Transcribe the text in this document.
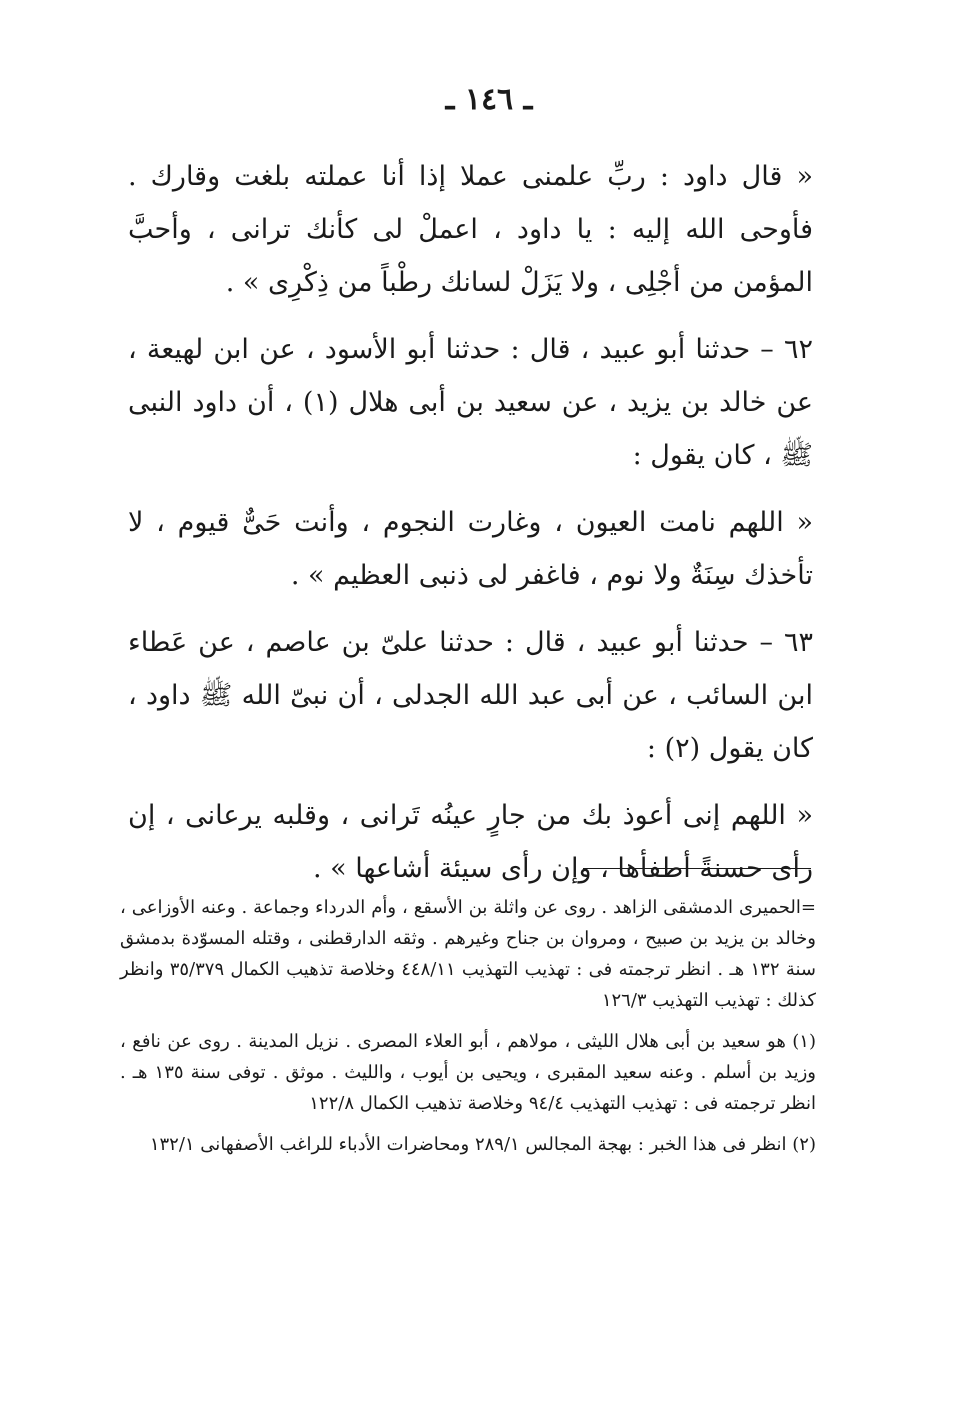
ـ ١٤٦ ـ

« قال داود : ربِّ علمنى عملا إذا أنا عملته بلغت وقارك . فأوحى الله إليه : يا داود ، اعملْ لى كأنك ترانى ، وأحبَّ المؤمن من أجْلِى ، ولا يَزَلْ لسانك رطْباً من ذِكْرِى » .

٦٢ – حدثنا أبو عبيد ، قال : حدثنا أبو الأسود ، عن ابن لهيعة ، عن خالد بن يزيد ، عن سعيد بن أبى هلال (١) ، أن داود النبى ﷺ ، كان يقول :

« اللهم نامت العيون ، وغارت النجوم ، وأنت حَىٌّ قيوم ، لا تأخذك سِنَةٌ ولا نوم ، فاغفر لى ذنبى العظيم » .

٦٣ – حدثنا أبو عبيد ، قال : حدثنا علىّ بن عاصم ، عن عَطاء ابن السائب ، عن أبى عبد الله الجدلى ، أن نبىّ الله ﷺ داود ، كان يقول (٢) :

« اللهم إنى أعوذ بك من جارٍ عينُه تَرانى ، وقلبه يرعانى ، إن رأى حسنةً أطفأها ، وإن رأى سيئة أشاعها » .

=الحميرى الدمشقى الزاهد . روى عن واثلة بن الأسقع ، وأم الدرداء وجماعة . وعنه الأوزاعى ، وخالد بن يزيد بن صبيح ، ومروان بن جناح وغيرهم . وثقه الدارقطنى ، وقتله المسوّدة بدمشق سنة ١٣٢ هـ . انظر ترجمته فى : تهذيب التهذيب ٤٤٨/١١ وخلاصة تذهيب الكمال ٣٥/٣٧٩ وانظر كذلك : تهذيب التهذيب ١٢٦/٣

(١) هو سعيد بن أبى هلال الليثى ، مولاهم ، أبو العلاء المصرى . نزيل المدينة . روى عن نافع ، وزيد بن أسلم . وعنه سعيد المقبرى ، ويحيى بن أيوب ، والليث . موثق . توفى سنة ١٣٥ هـ . انظر ترجمته فى : تهذيب التهذيب ٩٤/٤ وخلاصة تذهيب الكمال ١٢٢/٨

(٢) انظر فى هذا الخبر : بهجة المجالس ٢٨٩/١ ومحاضرات الأدباء للراغب الأصفهانى ١٣٢/١
